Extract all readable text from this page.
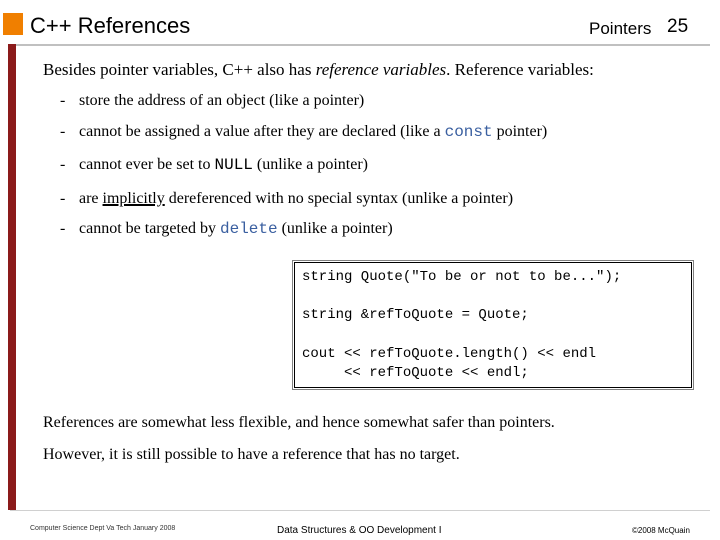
C++ References	Pointers 25
Besides pointer variables, C++ also has reference variables. Reference variables:
- store the address of an object (like a pointer)
- cannot be assigned a value after they are declared (like a const pointer)
- cannot ever be set to NULL (unlike a pointer)
- are implicitly dereferenced with no special syntax (unlike a pointer)
- cannot be targeted by delete (unlike a pointer)
string Quote("To be or not to be...");
string &refToQuote = Quote;
cout << refToQuote.length() << endl
<< refToQuote << endl;
References are somewhat less flexible, and hence somewhat safer than pointers.
However, it is still possible to have a reference that has no target.
Computer Science Dept Va Tech January 2008	Data Structures & OO Development I	©2008 McQuain
